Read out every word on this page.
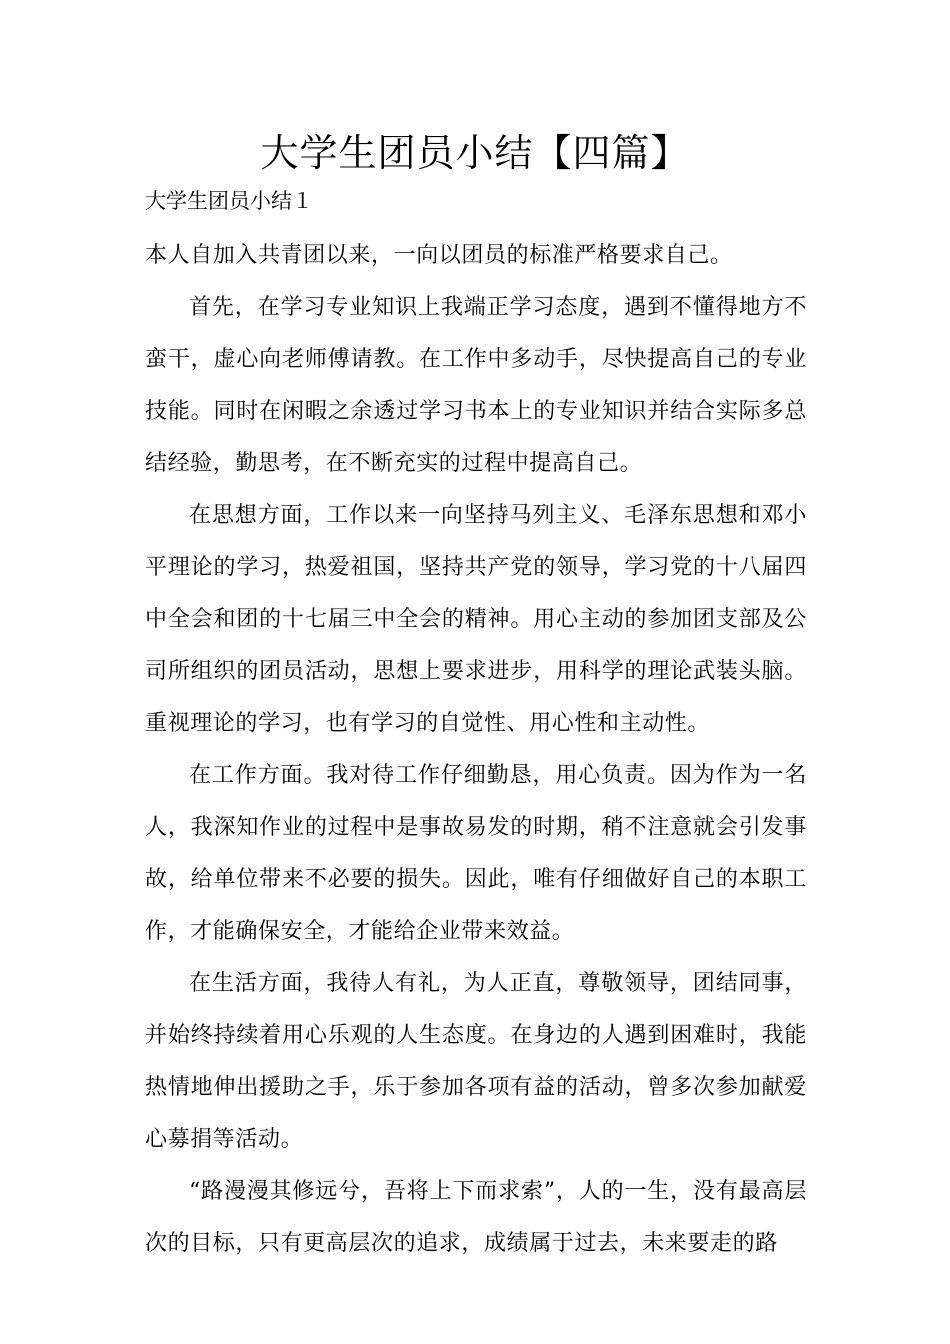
大学生团员小结【四篇】

大学生团员小结１

本人自加入共青团以来，一向以团员的标准严格要求自己。

首先，在学习专业知识上我端正学习态度，遇到不懂得地方不蛮干，虚心向老师傅请教。在工作中多动手，尽快提高自己的专业技能。同时在闲暇之余透过学习书本上的专业知识并结合实际多总结经验，勤思考，在不断充实的过程中提高自己。

在思想方面，工作以来一向坚持马列主义、毛泽东思想和邓小平理论的学习，热爱祖国，坚持共产党的领导，学习党的十八届四中全会和团的十七届三中全会的精神。用心主动的参加团支部及公司所组织的团员活动，思想上要求进步，用科学的理论武装头脑。重视理论的学习，也有学习的自觉性、用心性和主动性。

在工作方面。我对待工作仔细勤恳，用心负责。因为作为一名人，我深知作业的过程中是事故易发的时期，稍不注意就会引发事故，给单位带来不必要的损失。因此，唯有仔细做好自己的本职工作，才能确保安全，才能给企业带来效益。

在生活方面，我待人有礼，为人正直，尊敬领导，团结同事，并始终持续着用心乐观的人生态度。在身边的人遇到困难时，我能热情地伸出援助之手，乐于参加各项有益的活动，曾多次参加献爱心募捐等活动。

“路漫漫其修远兮，吾将上下而求索”，人的一生，没有最高层次的目标，只有更高层次的追求，成绩属于过去，未来要走的路
